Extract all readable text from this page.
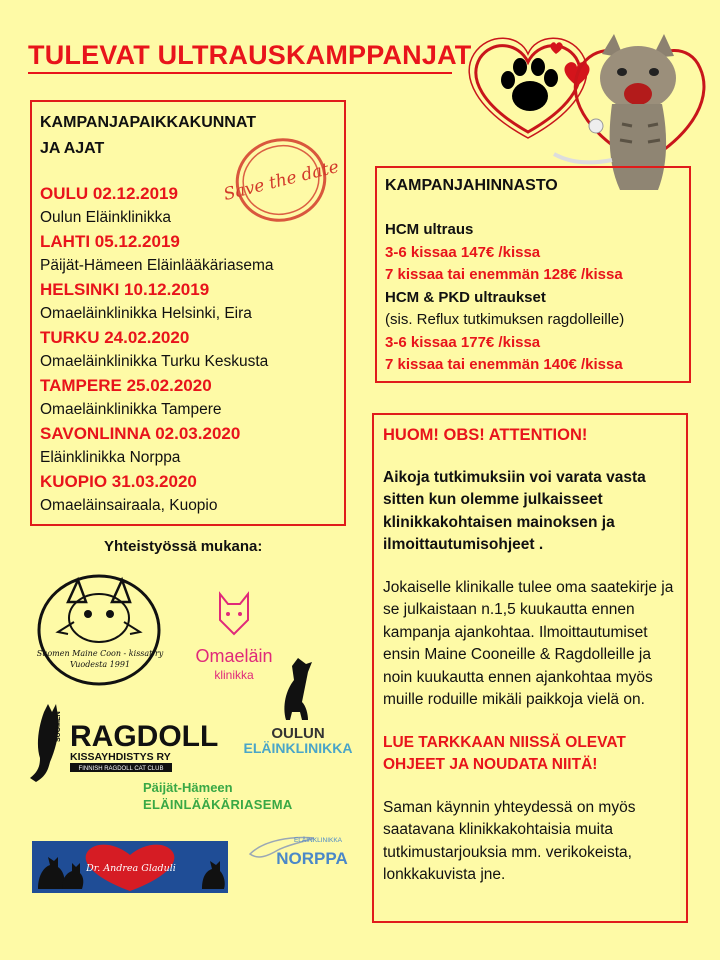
TULEVAT ULTRAUSKAMPPANJAT
KAMPANJAPAIKKAKUNNAT
JA AJAT
Save the date
OULU 02.12.2019
Oulun Eläinklinikka
LAHTI 05.12.2019
Päijät-Hämeen Eläinlääkäriasema
HELSINKI 10.12.2019
Omaeläinklinikka Helsinki, Eira
TURKU 24.02.2020
Omaeläinklinikka Turku Keskusta
TAMPERE 25.02.2020
Omaeläinklinikka Tampere
SAVONLINNA 02.03.2020
Eläinklinikka Norppa
KUOPIO 31.03.2020
Omaeläinsairaala, Kuopio
KAMPANJAHINNASTO
HCM ultraus
3-6 kissaa 147€ /kissa
7 kissaa tai enemmän 128€ /kissa
HCM & PKD ultraukset
(sis. Reflux tutkimuksen ragdolleille)
3-6 kissaa 177€ /kissa
7 kissaa tai enemmän 140€ /kissa
HUOM! OBS! ATTENTION!
Aikoja tutkimuksiin voi varata vasta sitten kun olemme julkaisseet klinikkakohtaisen mainoksen ja ilmoittautumisohjeet .
Jokaiselle klinikalle tulee oma saatekirje ja se julkaistaan n.1,5 kuukautta ennen kampanja ajankohtaa. Ilmoittautumiset ensin Maine Cooneille & Ragdolleille ja noin kuukautta ennen ajankohtaa myös muille roduille mikäli paikkoja vielä on.
LUE TARKKAAN NIISSÄ OLEVAT OHJEET JA NOUDATA NIITÄ!
Saman käynnin yhteydessä on myös saatavana klinikkakohtaisia muita tutkimustarjouksia mm. verikokeista, lonkkakuvista jne.
Yhteistyössä mukana:
Suomen Maine Coon - kissat ry
Vuodesta 1991	Omaeläin
klinikka
SUOMEN RAGDOLL
KISSAYHDISTYS RY
FINNISH RAGDOLL CAT CLUB
OULUN
ELÄINKLINIKKA
Päijät-Hämeen
ELÄINLÄÄKÄRIASEMA
Dr. Andrea Gladuli
ELÄINKLINIKKA
NORPPA
